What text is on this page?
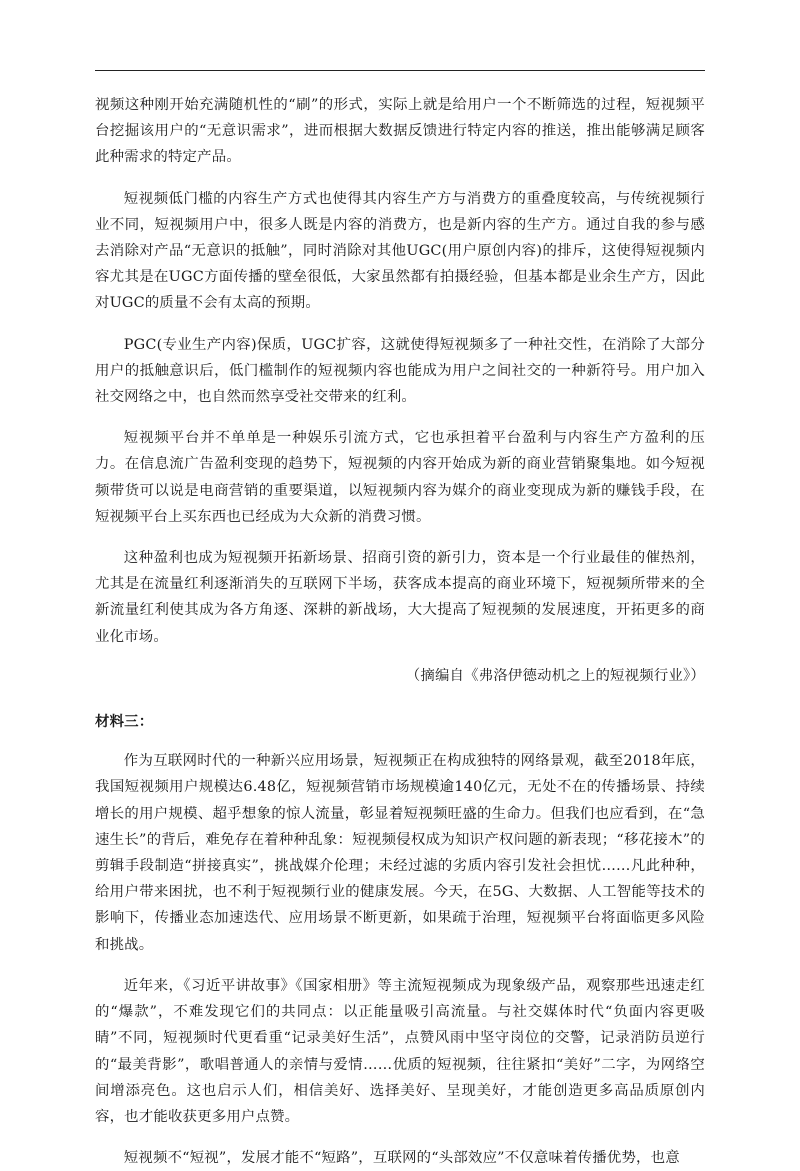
视频这种刚开始充满随机性的“刷”的形式，实际上就是给用户一个不断筛选的过程，短视频平台挖掘该用户的“无意识需求”，进而根据大数据反馈进行特定内容的推送，推出能够满足顾客此种需求的特定产品。

短视频低门槛的内容生产方式也使得其内容生产方与消费方的重叠度较高，与传统视频行业不同，短视频用户中，很多人既是内容的消费方，也是新内容的生产方。通过自我的参与感去消除对产品“无意识的抵触”，同时消除对其他UGC(用户原创内容)的排斥，这使得短视频内容尤其是在UGC方面传播的壁垒很低，大家虽然都有拍摄经验，但基本都是业余生产方，因此对UGC的质量不会有太高的预期。

PGC(专业生产内容)保质，UGC扩容，这就使得短视频多了一种社交性，在消除了大部分用户的抵触意识后，低门槛制作的短视频内容也能成为用户之间社交的一种新符号。用户加入社交网络之中，也自然而然享受社交带来的红利。

短视频平台并不单单是一种娱乐引流方式，它也承担着平台盈利与内容生产方盈利的压力。在信息流广告盈利变现的趋势下，短视频的内容开始成为新的商业营销聚集地。如今短视频带货可以说是电商营销的重要渠道，以短视频内容为媒介的商业变现成为新的赚钱手段，在短视频平台上买东西也已经成为大众新的消费习惯。

这种盈利也成为短视频开拓新场景、招商引资的新引力，资本是一个行业最佳的催热剂，尤其是在流量红利逐渐消失的互联网下半场，获客成本提高的商业环境下，短视频所带来的全新流量红利使其成为各方角逐、深耕的新战场，大大提高了短视频的发展速度，开拓更多的商业化市场。

（摘编自《弗洛伊德动机之上的短视频行业》）

材料三：

作为互联网时代的一种新兴应用场景，短视频正在构成独特的网络景观，截至2018年底，我国短视频用户规模达6.48亿，短视频营销市场规模逾140亿元，无处不在的传播场景、持续增长的用户规模、超乎想象的惊人流量，彰显着短视频旺盛的生命力。但我们也应看到，在“急速生长”的背后，难免存在着种种乱象：短视频侵权成为知识产权问题的新表现；“移花接木”的剪辑手段制造“拼接真实”，挑战媒介伦理；未经过滤的劣质内容引发社会担忧……凡此种种，给用户带来困扰，也不利于短视频行业的健康发展。今天，在5G、大数据、人工智能等技术的影响下，传播业态加速迭代、应用场景不断更新，如果疏于治理，短视频平台将面临更多风险和挑战。

近年来，《习近平讲故事》《国家相册》等主流短视频成为现象级产品，观察那些迅速走红的“爆款”，不难发现它们的共同点：以正能量吸引高流量。与社交媒体时代“负面内容更吸睛”不同，短视频时代更看重“记录美好生活”，点赞风雨中坚守岗位的交警，记录消防员逆行的“最美背影”，歌唱普通人的亲情与爱情……优质的短视频，往往紧扣“美好”二字，为网络空间增添亮色。这也启示人们，相信美好、选择美好、呈现美好，才能创造更多高品质原创内容，也才能收获更多用户点赞。

短视频不“短视”，发展才能不“短路”，互联网的“头部效应”不仅意味着传播优势，也意
